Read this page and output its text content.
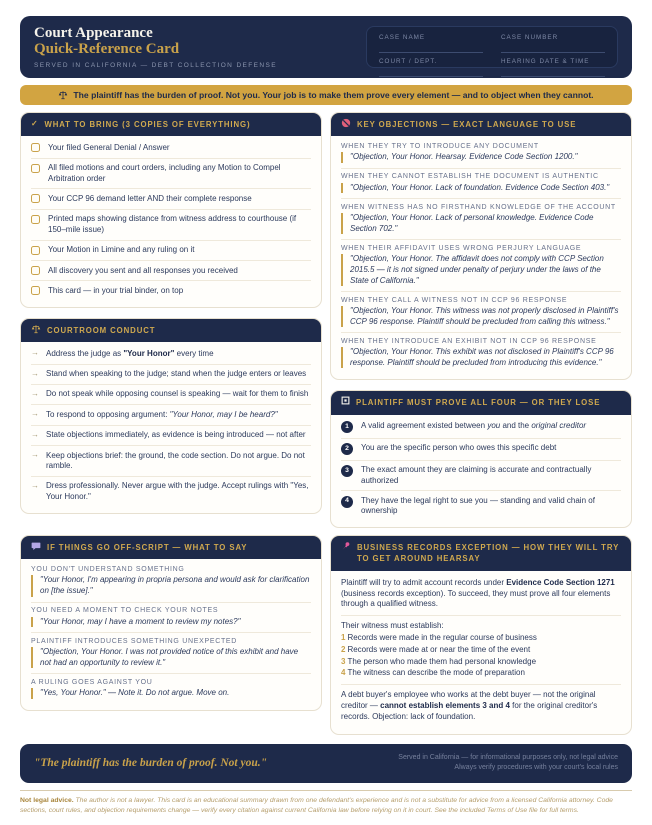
Court Appearance
Quick-Reference Card
SERVED IN CALIFORNIA — DEBT COLLECTION DEFENSE
CASE NAME	CASE NUMBER
COURT / DEPT.	HEARING DATE & TIME
The plaintiff has the burden of proof. Not you. Your job is to make them prove every element — and to object when they cannot.
✓ WHAT TO BRING (3 COPIES OF EVERYTHING)
Your filed General Denial / Answer
All filed motions and court orders, including any Motion to Compel Arbitration order
Your CCP 96 demand letter AND their complete response
Printed maps showing distance from witness address to courthouse (if 150–mile issue)
Your Motion in Limine and any ruling on it
All discovery you sent and all responses you received
This card — in your trial binder, on top
COURTROOM CONDUCT
→ Address the judge as "Your Honor" every time
→ Stand when speaking to the judge; stand when the judge enters or leaves
→ Do not speak while opposing counsel is speaking — wait for them to finish
→ To respond to opposing argument: "Your Honor, may I be heard?"
→ State objections immediately, as evidence is being introduced — not after
→ Keep objections brief: the ground, the code section. Do not argue. Do not ramble.
→ Dress professionally. Never argue with the judge. Accept rulings with "Yes, Your Honor."
KEY OBJECTIONS — EXACT LANGUAGE TO USE
WHEN THEY TRY TO INTRODUCE ANY DOCUMENT
"Objection, Your Honor. Hearsay. Evidence Code Section 1200."
WHEN THEY CANNOT ESTABLISH THE DOCUMENT IS AUTHENTIC
"Objection, Your Honor. Lack of foundation. Evidence Code Section 403."
WHEN WITNESS HAS NO FIRSTHAND KNOWLEDGE OF THE ACCOUNT
"Objection, Your Honor. Lack of personal knowledge. Evidence Code Section 702."
WHEN THEIR AFFIDAVIT USES WRONG PERJURY LANGUAGE
"Objection, Your Honor. The affidavit does not comply with CCP Section 2015.5 — it is not signed under penalty of perjury under the laws of the State of California."
WHEN THEY CALL A WITNESS NOT IN CCP 96 RESPONSE
"Objection, Your Honor. This witness was not properly disclosed in Plaintiff's CCP 96 response. Plaintiff should be precluded from calling this witness."
WHEN THEY INTRODUCE AN EXHIBIT NOT IN CCP 96 RESPONSE
"Objection, Your Honor. This exhibit was not disclosed in Plaintiff's CCP 96 response. Plaintiff should be precluded from introducing this evidence."
PLAINTIFF MUST PROVE ALL FOUR — OR THEY LOSE
1	A valid agreement existed between you and the original creditor
2	You are the specific person who owes this specific debt
3	The exact amount they are claiming is accurate and contractually authorized
4	They have the legal right to sue you — standing and valid chain of ownership
IF THINGS GO OFF-SCRIPT — WHAT TO SAY
YOU DON'T UNDERSTAND SOMETHING
"Your Honor, I'm appearing in propria persona and would ask for clarification on [the issue]."
YOU NEED A MOMENT TO CHECK YOUR NOTES
"Your Honor, may I have a moment to review my notes?"
PLAINTIFF INTRODUCES SOMETHING UNEXPECTED
"Objection, Your Honor. I was not provided notice of this exhibit and have not had an opportunity to review it."
A RULING GOES AGAINST YOU
"Yes, Your Honor." — Note it. Do not argue. Move on.
BUSINESS RECORDS EXCEPTION — HOW THEY WILL TRY TO GET AROUND HEARSAY

Plaintiff will try to admit account records under Evidence Code Section 1271 (business records exception). To succeed, they must prove all four elements through a qualified witness.

Their witness must establish:
1 Records were made in the regular course of business
2 Records were made at or near the time of the event
3 The person who made them had personal knowledge
4 The witness can describe the mode of preparation

A debt buyer's employee who works at the debt buyer — not the original creditor — cannot establish elements 3 and 4 for the original creditor's records. Objection: lack of foundation.

"The plaintiff has the burden of proof. Not you."
Served in California — for informational purposes only, not legal advice
Always verify procedures with your court's local rules
Not legal advice. The author is not a lawyer. This card is an educational summary drawn from one defendant's experience and is not a substitute for advice from a licensed California attorney. Code sections, court rules, and objection requirements change — verify every citation against current California law before relying on it in court. See the included Terms of Use file for full terms.
